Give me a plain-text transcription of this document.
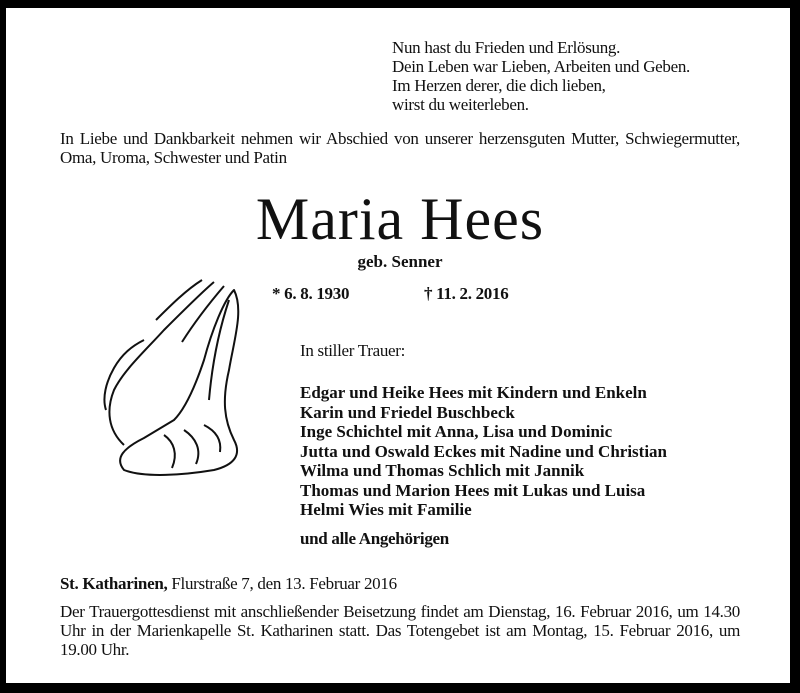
Nun hast du Frieden und Erlösung.
Dein Leben war Lieben, Arbeiten und Geben.
Im Herzen derer, die dich lieben,
wirst du weiterleben.
In Liebe und Dankbarkeit nehmen wir Abschied von unserer herzensguten Mutter, Schwiegermutter, Oma, Uroma, Schwester und Patin
Maria Hees
geb. Senner
* 6. 8. 1930	† 11. 2. 2016
In stiller Trauer:
Edgar und Heike Hees mit Kindern und Enkeln
Karin und Friedel Buschbeck
Inge Schichtel mit Anna, Lisa und Dominic
Jutta und Oswald Eckes mit Nadine und Christian
Wilma und Thomas Schlich mit Jannik
Thomas und Marion Hees mit Lukas und Luisa
Helmi Wies mit Familie
und alle Angehörigen
St. Katharinen, Flurstraße 7, den 13. Februar 2016
Der Trauergottesdienst mit anschließender Beisetzung findet am Dienstag, 16. Februar 2016, um 14.30 Uhr in der Marienkapelle St. Katharinen statt. Das Totengebet ist am Montag, 15. Februar 2016, um 19.00 Uhr.
